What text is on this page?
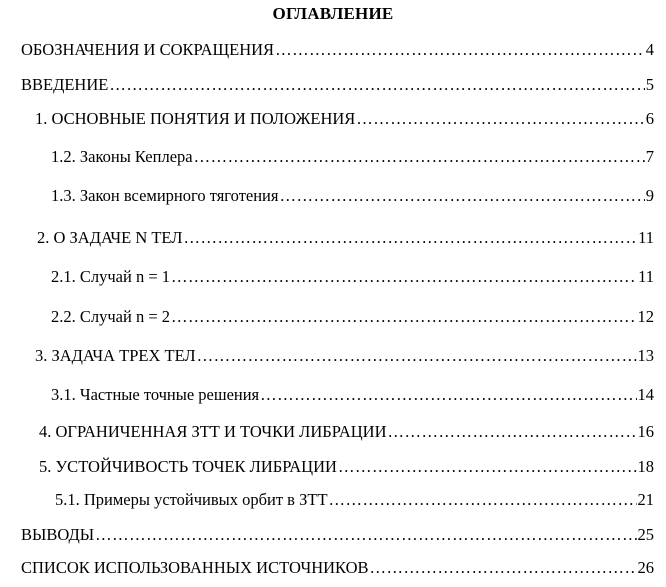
ОГЛАВЛЕНИЕ
ОБОЗНАЧЕНИЯ И СОКРАЩЕНИЯ …………………………………………………………………………………………………………………………………………………………………………………………………………………………	4
ВВЕДЕНИЕ …………………………………………………………………………………………………………………………………………………………………………………………………………………………	5
1. ОСНОВНЫЕ ПОНЯТИЯ И ПОЛОЖЕНИЯ …………………………………………………………………………………………………………………………………………………………………………………………………………………………	6
1.2. Законы Кеплера …………………………………………………………………………………………………………………………………………………………………………………………………………………………	7
1.3. Закон всемирного тяготения …………………………………………………………………………………………………………………………………………………………………………………………………………………………	9
2. О ЗАДАЧЕ N ТЕЛ …………………………………………………………………………………………………………………………………………………………………………………………………………………………	11
2.1. Случай n = 1 …………………………………………………………………………………………………………………………………………………………………………………………………………………………	11
2.2. Случай n = 2 …………………………………………………………………………………………………………………………………………………………………………………………………………………………	12
3. ЗАДАЧА ТРЕХ ТЕЛ …………………………………………………………………………………………………………………………………………………………………………………………………………………………	13
3.1. Частные точные решения …………………………………………………………………………………………………………………………………………………………………………………………………………………………	14
4. ОГРАНИЧЕННАЯ ЗТТ И ТОЧКИ ЛИБРАЦИИ …………………………………………………………………………………………………………………………………………………………………………………………………………………………	16
5. УСТОЙЧИВОСТЬ ТОЧЕК ЛИБРАЦИИ …………………………………………………………………………………………………………………………………………………………………………………………………………………………	18
5.1. Примеры устойчивых орбит в ЗТТ …………………………………………………………………………………………………………………………………………………………………………………………………………………………	21
ВЫВОДЫ …………………………………………………………………………………………………………………………………………………………………………………………………………………………	25
СПИСОК ИСПОЛЬЗОВАННЫХ ИСТОЧНИКОВ …………………………………………………………………………………………………………………………………………………………………………………………………………………………	26
